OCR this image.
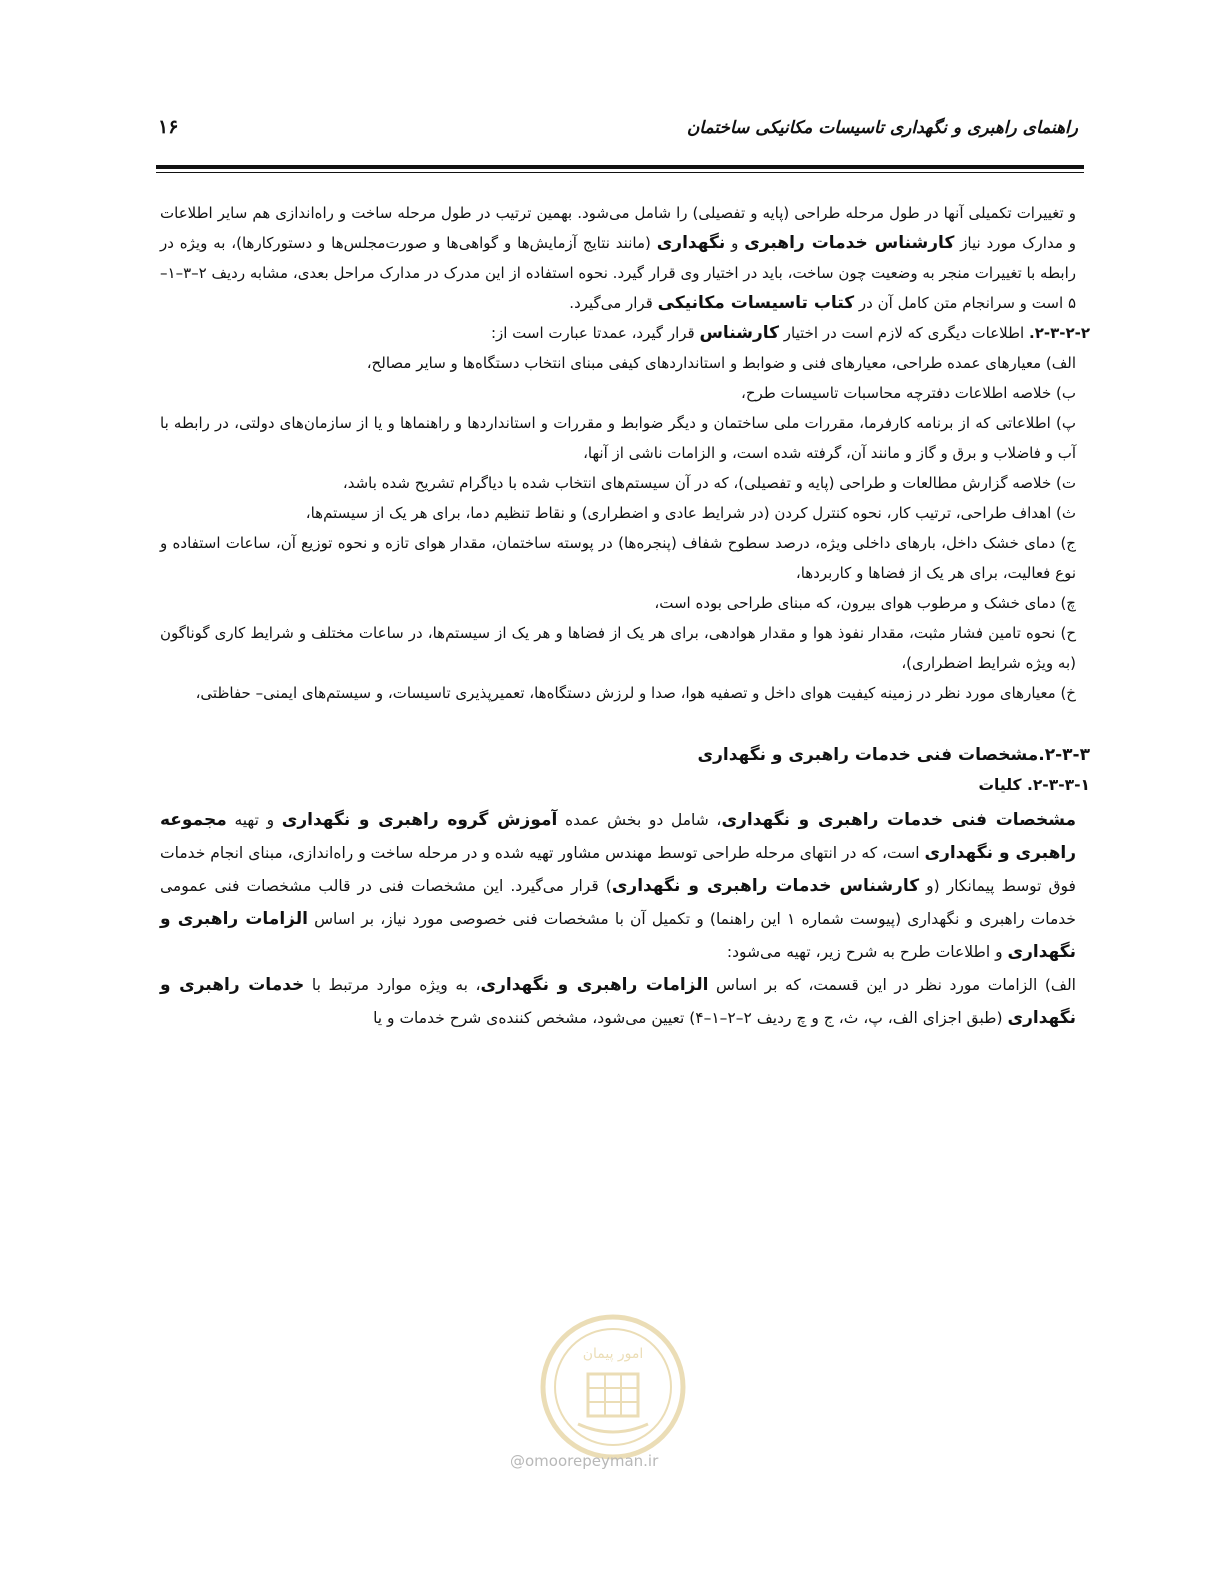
راهنمای راهبری و نگهداری تاسیسات مکانیکی ساختمان
۱۶

و تغییرات تکمیلی آنها در طول مرحله طراحی (پایه و تفصیلی) را شامل می‌شود. بهمین ترتیب در طول مرحله ساخت و راه‌اندازی هم سایر اطلاعات و مدارک مورد نیاز کارشناس خدمات راهبری و نگهداری (مانند نتایج آزمایش‌ها و گواهی‌ها و صورت‌مجلس‌ها و دستورکارها)، به ویژه در رابطه با تغییرات منجر به وضعیت چون ساخت، باید در اختیار وی قرار گیرد. نحوه استفاده از این مدرک در مدارک مراحل بعدی، مشابه ردیف ۲–۳–۱–۵ است و سرانجام متن کامل آن در کتاب تاسیسات مکانیکی قرار می‌گیرد.

۲-۳-۲-۲. اطلاعات دیگری که لازم است در اختیار کارشناس قرار گیرد، عمدتا عبارت است از:

الف) معیارهای عمده طراحی، معیارهای فنی و ضوابط و استانداردهای کیفی مبنای انتخاب دستگاه‌ها و سایر مصالح،

ب) خلاصه اطلاعات دفترچه محاسبات تاسیسات طرح،

پ) اطلاعاتی که از برنامه کارفرما، مقررات ملی ساختمان و دیگر ضوابط و مقررات و استانداردها و راهنماها و یا از سازمان‌های دولتی، در رابطه با آب و فاضلاب و برق و گاز و مانند آن، گرفته شده است، و الزامات ناشی از آنها،

ت) خلاصه گزارش مطالعات و طراحی (پایه و تفصیلی)، که در آن سیستم‌های انتخاب شده با دیاگرام تشریح شده باشد،

ث) اهداف طراحی، ترتیب کار، نحوه کنترل کردن (در شرایط عادی و اضطراری) و نقاط تنظیم دما، برای هر یک از سیستم‌ها،

ج) دمای خشک داخل، بارهای داخلی ویژه، درصد سطوح شفاف (پنجره‌ها) در پوسته ساختمان، مقدار هوای تازه و نحوه توزیع آن، ساعات استفاده و نوع فعالیت، برای هر یک از فضاها و کاربردها،

چ) دمای خشک و مرطوب هوای بیرون، که مبنای طراحی بوده است،

ح) نحوه تامین فشار مثبت، مقدار نفوذ هوا و مقدار هوادهی، برای هر یک از فضاها و هر یک از سیستم‌ها، در ساعات مختلف و شرایط کاری گوناگون (به ویژه شرایط اضطراری)،

خ) معیارهای مورد نظر در زمینه کیفیت هوای داخل و تصفیه هوا، صدا و لرزش دستگاه‌ها، تعمیرپذیری تاسیسات، و سیستم‌های ایمنی– حفاظتی،

۲-۳-۳.مشخصات فنی خدمات راهبری و نگهداری

۲-۳-۳-۱. کلیات

مشخصات فنی خدمات راهبری و نگهداری، شامل دو بخش عمده آموزش گروه راهبری و نگهداری و تهیه مجموعه راهبری و نگهداری است، که در انتهای مرحله طراحی توسط مهندس مشاور تهیه شده و در مرحله ساخت و راه‌اندازی، مبنای انجام خدمات فوق توسط پیمانکار (و کارشناس خدمات راهبری و نگهداری) قرار می‌گیرد. این مشخصات فنی در قالب مشخصات فنی عمومی خدمات راهبری و نگهداری (پیوست شماره ۱ این راهنما) و تکمیل آن با مشخصات فنی خصوصی مورد نیاز، بر اساس الزامات راهبری و نگهداری و اطلاعات طرح به شرح زیر، تهیه می‌شود:

الف) الزامات مورد نظر در این قسمت، که بر اساس الزامات راهبری و نگهداری، به ویژه موارد مرتبط با خدمات راهبری و نگهداری (طبق اجزای الف، پ، ث، ج و چ ردیف ۲–۲–۱–۴) تعیین می‌شود، مشخص کننده‌ی شرح خدمات و یا

امور پیمان
@omoorepeyman.ir
